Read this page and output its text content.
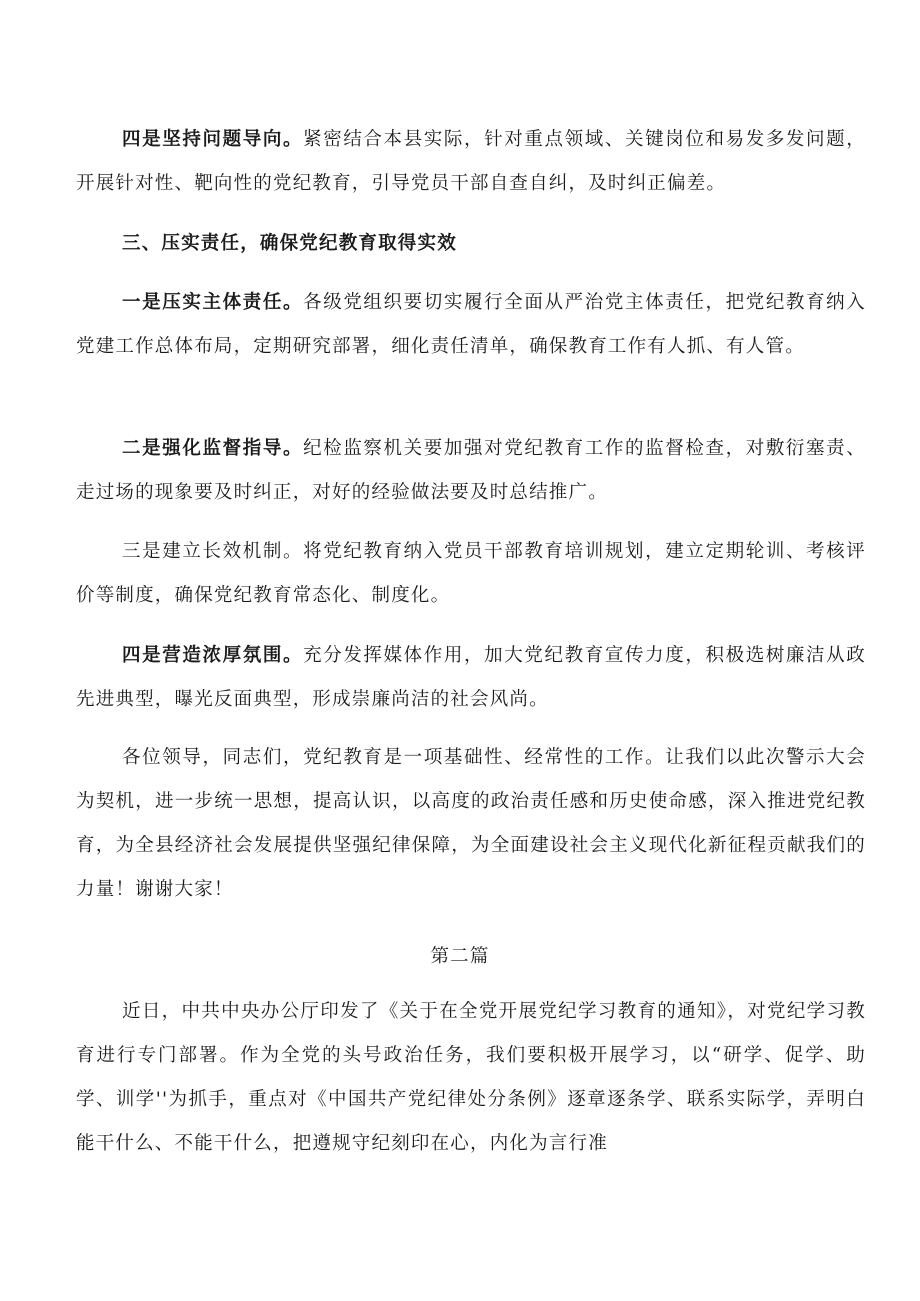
四是坚持问题导向。紧密结合本县实际，针对重点领域、关键岗位和易发多发问题，开展针对性、靶向性的党纪教育，引导党员干部自查自纠，及时纠正偏差。

三、压实责任，确保党纪教育取得实效

一是压实主体责任。各级党组织要切实履行全面从严治党主体责任，把党纪教育纳入党建工作总体布局，定期研究部署，细化责任清单，确保教育工作有人抓、有人管。

二是强化监督指导。纪检监察机关要加强对党纪教育工作的监督检查，对敷衍塞责、走过场的现象要及时纠正，对好的经验做法要及时总结推广。

三是建立长效机制。将党纪教育纳入党员干部教育培训规划，建立定期轮训、考核评价等制度，确保党纪教育常态化、制度化。

四是营造浓厚氛围。充分发挥媒体作用，加大党纪教育宣传力度，积极选树廉洁从政先进典型，曝光反面典型，形成崇廉尚洁的社会风尚。

各位领导，同志们，党纪教育是一项基础性、经常性的工作。让我们以此次警示大会为契机，进一步统一思想，提高认识，以高度的政治责任感和历史使命感，深入推进党纪教育，为全县经济社会发展提供坚强纪律保障，为全面建设社会主义现代化新征程贡献我们的力量！谢谢大家！

第二篇

近日，中共中央办公厅印发了《关于在全党开展党纪学习教育的通知》，对党纪学习教育进行专门部署。作为全党的头号政治任务，我们要积极开展学习，以“研学、促学、助学、训学''为抓手，重点对《中国共产党纪律处分条例》逐章逐条学、联系实际学，弄明白能干什么、不能干什么，把遵规守纪刻印在心，内化为言行准
